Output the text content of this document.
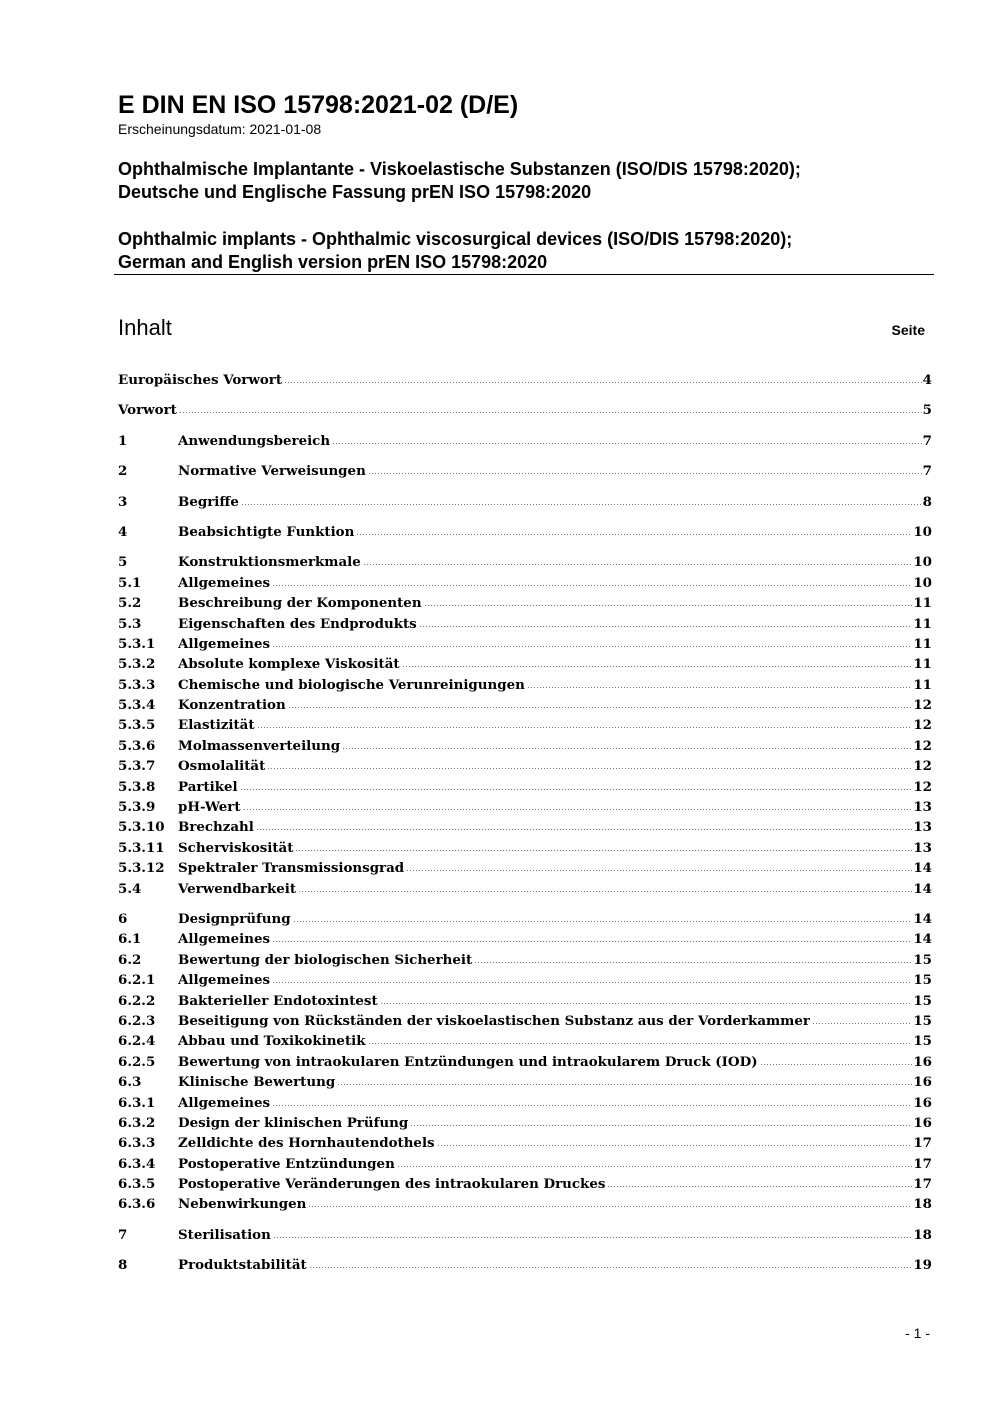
E DIN EN ISO 15798:2021-02 (D/E)
Erscheinungsdatum: 2021-01-08
Ophthalmische Implantante - Viskoelastische Substanzen (ISO/DIS 15798:2020);
Deutsche und Englische Fassung prEN ISO 15798:2020
Ophthalmic implants - Ophthalmic viscosurgical devices (ISO/DIS 15798:2020);
German and English version prEN ISO 15798:2020
Inhalt	Seite
Europäisches Vorwort	4
Vorwort	5
1	Anwendungsbereich	7
2	Normative Verweisungen	7
3	Begriffe	8
4	Beabsichtigte Funktion	10
5	Konstruktionsmerkmale	10
5.1	Allgemeines	10
5.2	Beschreibung der Komponenten	11
5.3	Eigenschaften des Endprodukts	11
5.3.1	Allgemeines	11
5.3.2	Absolute komplexe Viskosität	11
5.3.3	Chemische und biologische Verunreinigungen	11
5.3.4	Konzentration	12
5.3.5	Elastizität	12
5.3.6	Molmassenverteilung	12
5.3.7	Osmolalität	12
5.3.8	Partikel	12
5.3.9	pH-Wert	13
5.3.10	Brechzahl	13
5.3.11	Scherviskosität	13
5.3.12	Spektraler Transmissionsgrad	14
5.4	Verwendbarkeit	14
6	Designprüfung	14
6.1	Allgemeines	14
6.2	Bewertung der biologischen Sicherheit	15
6.2.1	Allgemeines	15
6.2.2	Bakterieller Endotoxintest	15
6.2.3	Beseitigung von Rückständen der viskoelastischen Substanz aus der Vorderkammer	15
6.2.4	Abbau und Toxikokinetik	15
6.2.5	Bewertung von intraokularen Entzündungen und intraokularem Druck (IOD)	16
6.3	Klinische Bewertung	16
6.3.1	Allgemeines	16
6.3.2	Design der klinischen Prüfung	16
6.3.3	Zelldichte des Hornhautendothels	17
6.3.4	Postoperative Entzündungen	17
6.3.5	Postoperative Veränderungen des intraokularen Druckes	17
6.3.6	Nebenwirkungen	18
7	Sterilisation	18
8	Produktstabilität	19
- 1 -
